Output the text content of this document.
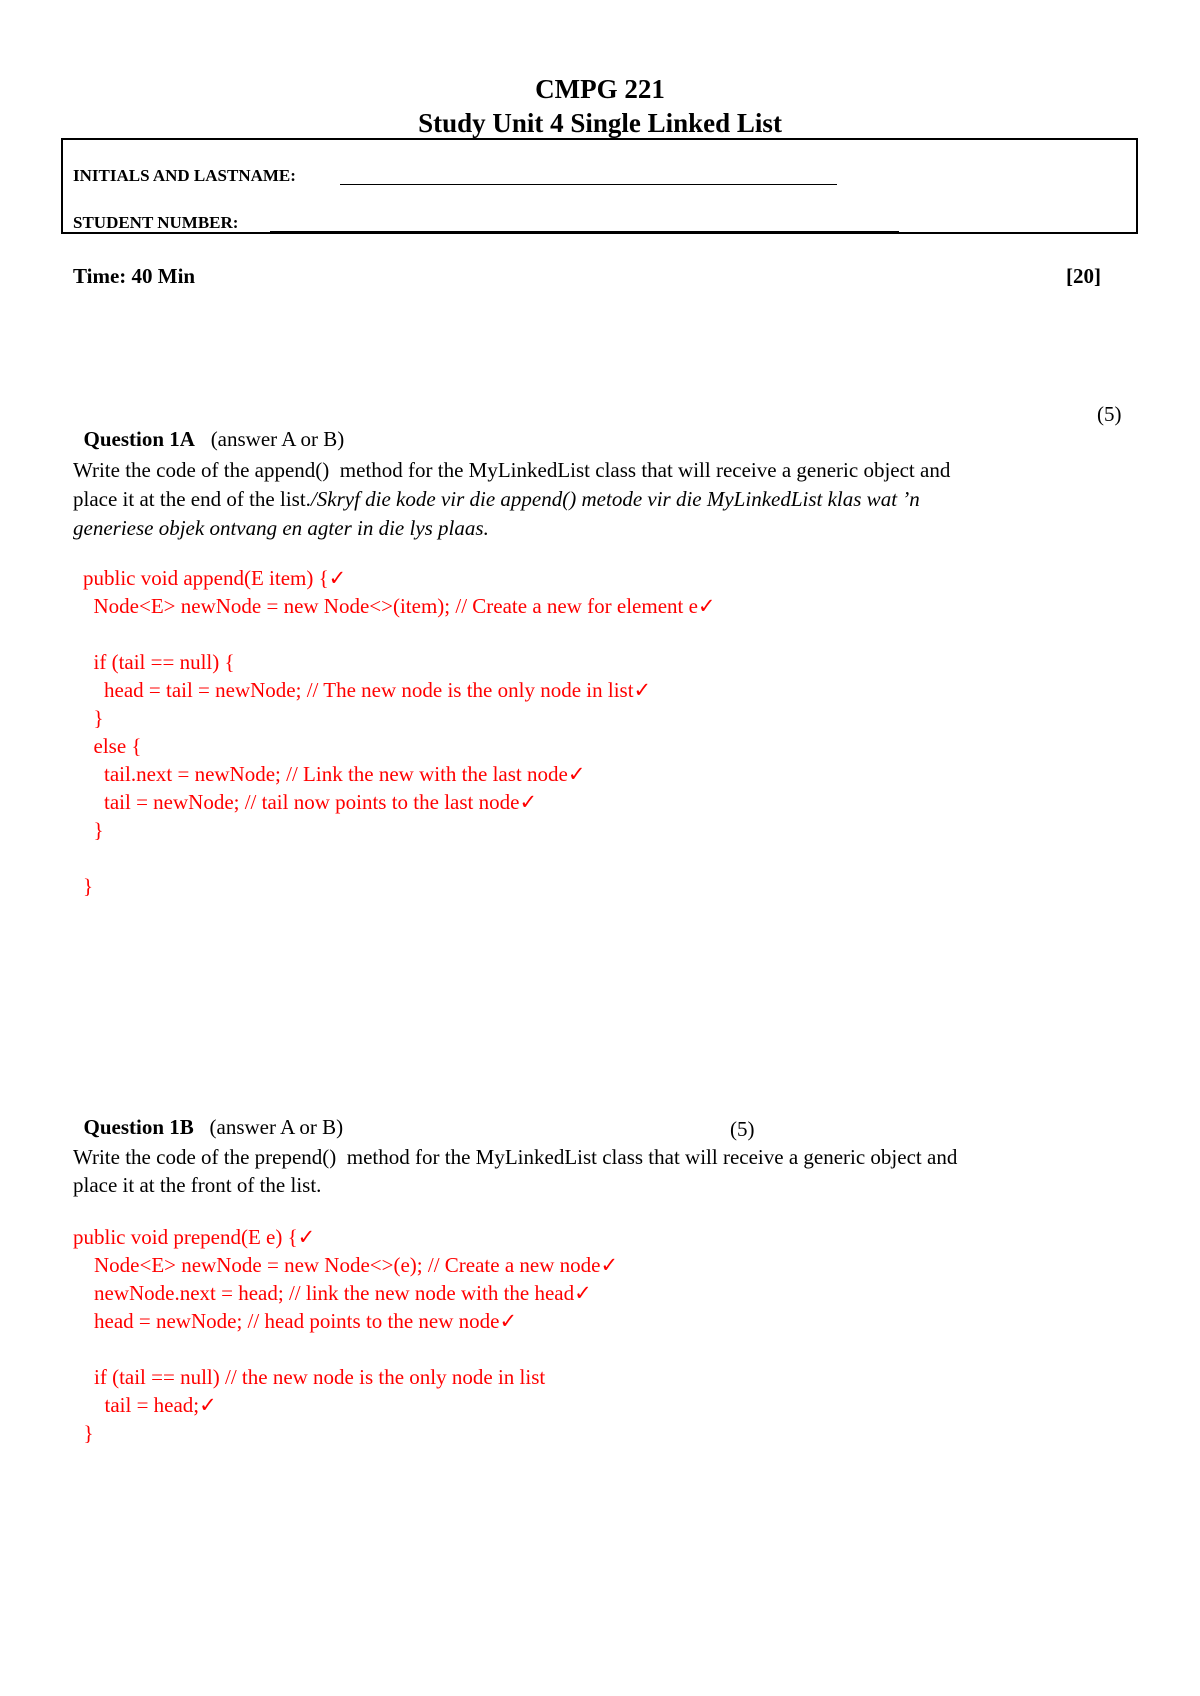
CMPG 221
Study Unit 4 Single Linked List
INITIALS AND LASTNAME:
STUDENT NUMBER:
Time: 40 Min	[20]

Question 1A (answer A or B)

(5)
Write the code of the append()  method for the MyLinkedList class that will receive a generic object and
place it at the end of the list./Skryf die kode vir die append() metode vir die MyLinkedList klas wat ’n
generiese objek ontvang en agter in die lys plaas.
public void append(E item) {✓
Node<E> newNode = new Node<>(item); // Create a new for element e✓
if (tail == null) {
head = tail = newNode; // The new node is the only node in list✓
}
else {
tail.next = newNode; // Link the new with the last node✓
tail = newNode; // tail now points to the last node✓
}
}

Question 1B (answer A or B)	(5)
Write the code of the prepend()  method for the MyLinkedList class that will receive a generic object and
place it at the front of the list.
public void prepend(E e) {✓
Node<E> newNode = new Node<>(e); // Create a new node✓
newNode.next = head; // link the new node with the head✓
head = newNode; // head points to the new node✓
if (tail == null) // the new node is the only node in list
tail = head;✓
}
